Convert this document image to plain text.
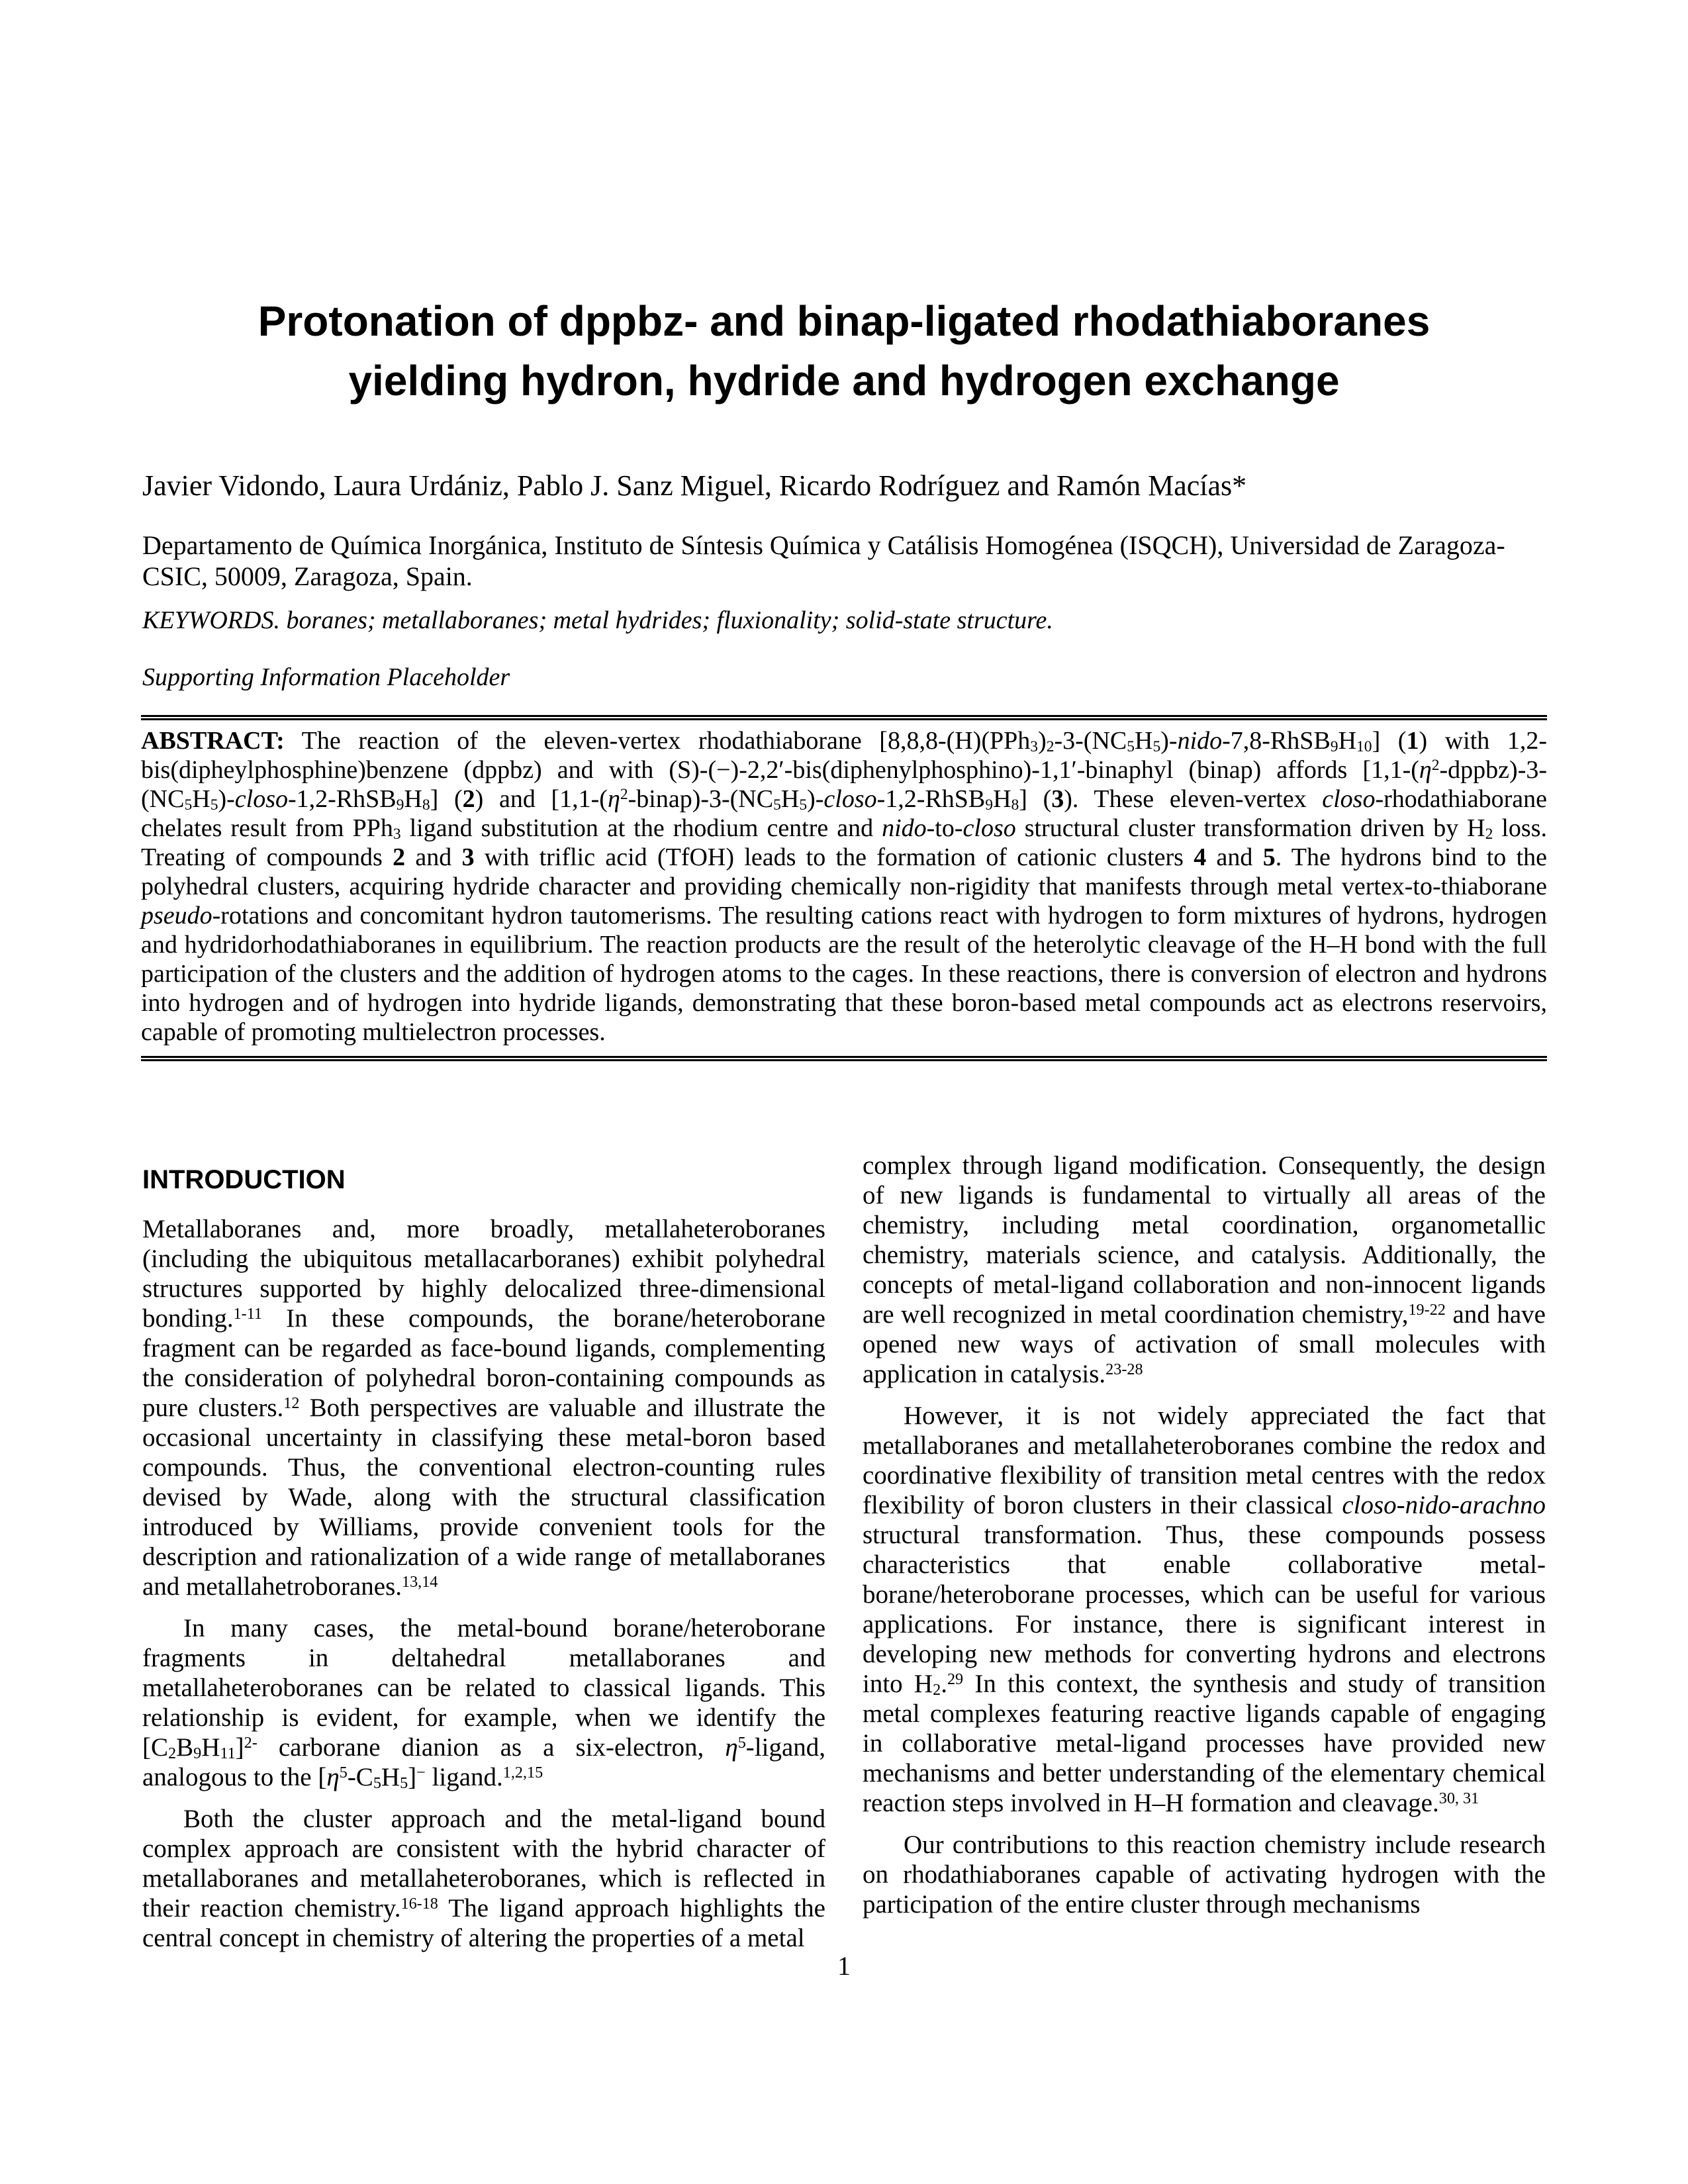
Protonation of dppbz- and binap-ligated rhodathiaboranes
yielding hydron, hydride and hydrogen exchange
Javier Vidondo, Laura Urdániz, Pablo J. Sanz Miguel, Ricardo Rodríguez and Ramón Macías*
Departamento de Química Inorgánica, Instituto de Síntesis Química y Catálisis Homogénea (ISQCH), Universidad de Zaragoza-CSIC, 50009, Zaragoza, Spain.
KEYWORDS. boranes; metallaboranes; metal hydrides; fluxionality; solid-state structure.
Supporting Information Placeholder

ABSTRACT: The reaction of the eleven-vertex rhodathiaborane $[8,8,8-(H)(PPh_3)_2-3-(NC_5H_5)-nido-7,8-RhSB_9H_{10}]$ (1) with 1,2-bis(dipheylphosphine)benzene (dppbz) and with (S)-(−)-2,2′-bis(diphenylphosphino)-1,1′-binaphyl (binap) affords $[1,1-(\eta^2-dppbz)-3-(NC_5H_5)-closo-1,2-RhSB_9H_8]$ (2) and $[1,1-(\eta^2-binap)-3-(NC_5H_5)-closo-1,2-RhSB_9H_8]$ (3). These eleven-vertex closo-rhodathiaborane chelates result from PPh$_3$ ligand substitution at the rhodium centre and nido-to-closo structural cluster transformation driven by $H_2$ loss. Treating of compounds 2 and 3 with triflic acid (TfOH) leads to the formation of cationic clusters 4 and 5. The hydrons bind to the polyhedral clusters, acquiring hydride character and providing chemically non-rigidity that manifests through metal vertex-to-thiaborane pseudo-rotations and concomitant hydron tautomerisms. The resulting cations react with hydrogen to form mixtures of hydrons, hydrogen and hydridorhodathiaboranes in equilibrium. The reaction products are the result of the heterolytic cleavage of the H–H bond with the full participation of the clusters and the addition of hydrogen atoms to the cages. In these reactions, there is conversion of electron and hydrons into hydrogen and of hydrogen into hydride ligands, demonstrating that these boron-based metal compounds act as electrons reservoirs, capable of promoting multielectron processes.

INTRODUCTION

Metallaboranes and, more broadly, metallaheteroboranes (including the ubiquitous metallacarboranes) exhibit polyhedral structures supported by highly delocalized three-dimensional bonding.$^{1-11}$ In these compounds, the borane/heteroborane fragment can be regarded as face-bound ligands, complementing the consideration of polyhedral boron-containing compounds as pure clusters.$^{12}$ Both perspectives are valuable and illustrate the occasional uncertainty in classifying these metal-boron based compounds. Thus, the conventional electron-counting rules devised by Wade, along with the structural classification introduced by Williams, provide convenient tools for the description and rationalization of a wide range of metallaboranes and metallahetroboranes.$^{13,14}$

In many cases, the metal-bound borane/heteroborane fragments in deltahedral metallaboranes and metallaheteroboranes can be related to classical ligands. This relationship is evident, for example, when we identify the $[C_2B_9H_{11}]^{2-}$ carborane dianion as a six-electron, $\eta^5$-ligand, analogous to the $[\eta^5-C_5H_5]^-$ ligand.$^{1,2,15}$

Both the cluster approach and the metal-ligand bound complex approach are consistent with the hybrid character of metallaboranes and metallaheteroboranes, which is reflected in their reaction chemistry.$^{16-18}$ The ligand approach highlights the central concept in chemistry of altering the properties of a metal

complex through ligand modification. Consequently, the design of new ligands is fundamental to virtually all areas of the chemistry, including metal coordination, organometallic chemistry, materials science, and catalysis. Additionally, the concepts of metal-ligand collaboration and non-innocent ligands are well recognized in metal coordination chemistry,$^{19-22}$ and have opened new ways of activation of small molecules with application in catalysis.$^{23-28}$

However, it is not widely appreciated the fact that metallaboranes and metallaheteroboranes combine the redox and coordinative flexibility of transition metal centres with the redox flexibility of boron clusters in their classical closo-nido-arachno structural transformation. Thus, these compounds possess characteristics that enable collaborative metal-borane/heteroborane processes, which can be useful for various applications. For instance, there is significant interest in developing new methods for converting hydrons and electrons into $H_2.^{29}$ In this context, the synthesis and study of transition metal complexes featuring reactive ligands capable of engaging in collaborative metal-ligand processes have provided new mechanisms and better understanding of the elementary chemical reaction steps involved in H–H formation and cleavage.$^{30, 31}$

Our contributions to this reaction chemistry include research on rhodathiaboranes capable of activating hydrogen with the participation of the entire cluster through mechanisms

1
